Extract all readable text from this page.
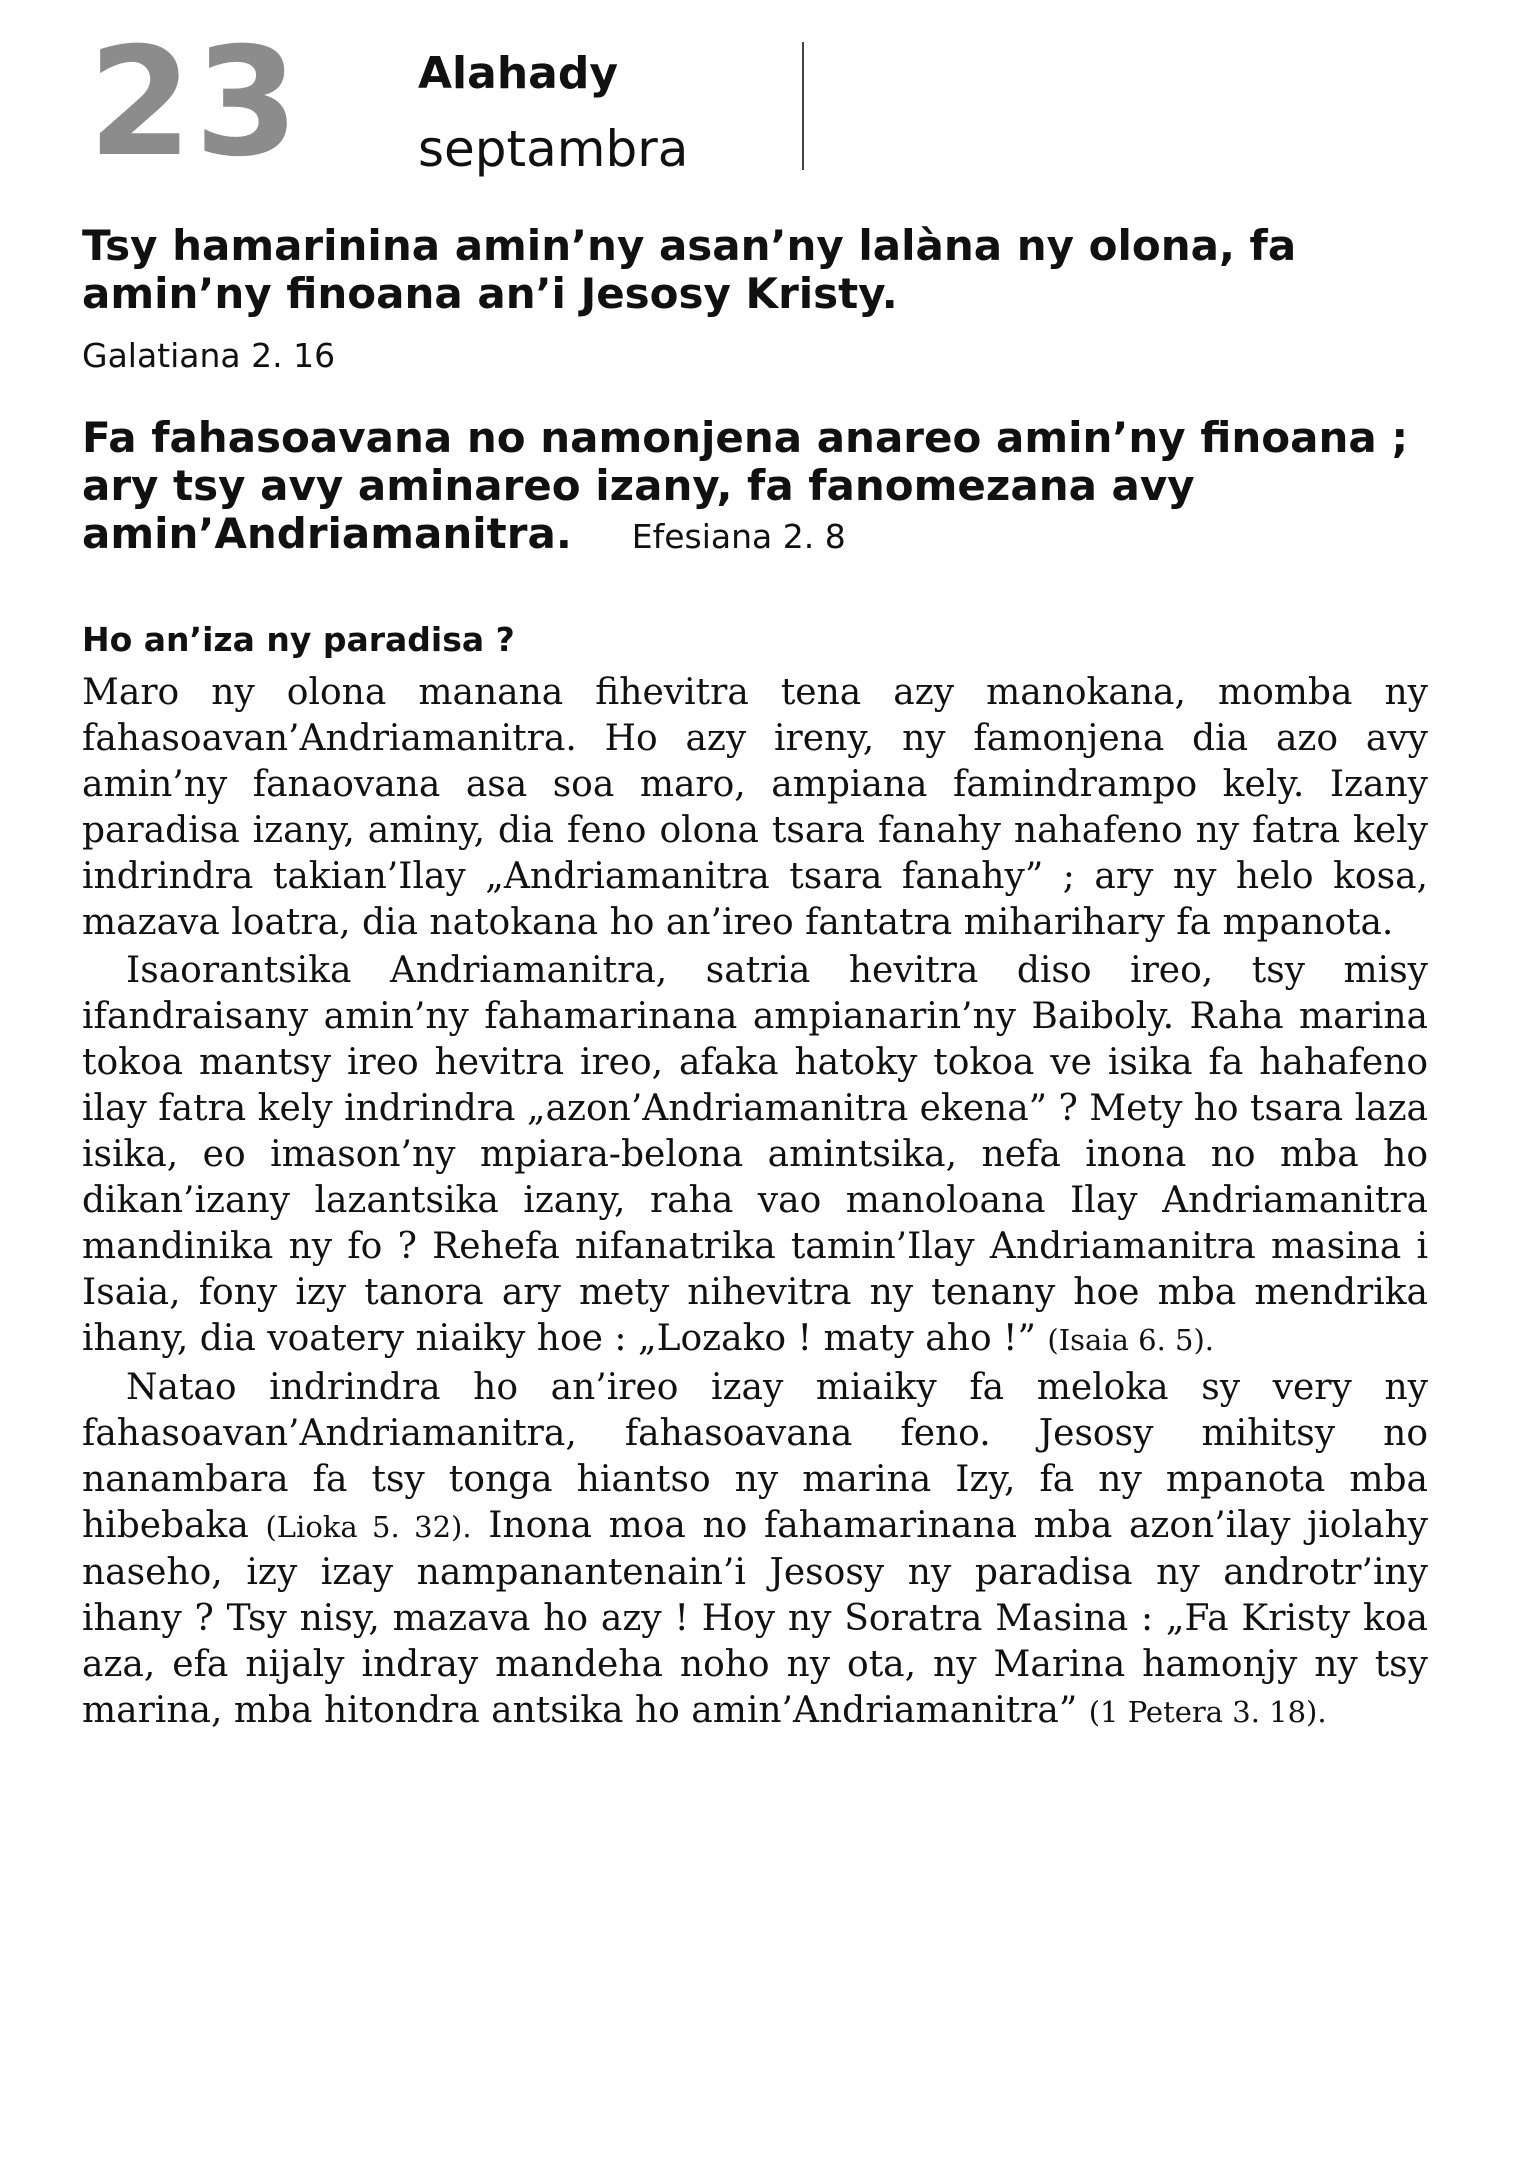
23	Alahady
septambra
Tsy hamarinina amin’ny asan’ny lalàna ny olona, fa amin’ny finoana an’i Jesosy Kristy.
Galatiana 2. 16
Fa fahasoavana no namonjena anareo amin’ny finoana ; ary tsy avy aminareo izany, fa fanomezana avy amin’Andriamanitra. Efesiana 2. 8
Ho an’iza ny paradisa ?

Maro ny olona manana fihevitra tena azy manokana, momba ny fahasoavan’Andriamanitra. Ho azy ireny, ny famonjena dia azo avy amin’ny fanaovana asa soa maro, ampiana famindrampo kely. Izany paradisa izany, aminy, dia feno olona tsara fanahy nahafeno ny fatra kely indrindra takian’Ilay „Andriamanitra tsara fanahy” ; ary ny helo kosa, mazava loatra, dia natokana ho an’ireo fantatra miharihary fa mpanota.

Isaorantsika Andriamanitra, satria hevitra diso ireo, tsy misy ifandraisany amin’ny fahamarinana ampianarin’ny Baiboly. Raha marina tokoa mantsy ireo hevitra ireo, afaka hatoky tokoa ve isika fa hahafeno ilay fatra kely indrindra „azon’Andriamanitra ekena” ? Mety ho tsara laza isika, eo imason’ny mpiara-belona amintsika, nefa inona no mba ho dikan’izany lazantsika izany, raha vao manoloana Ilay Andriamanitra mandinika ny fo ? Rehefa nifanatrika tamin’Ilay Andriamanitra masina i Isaia, fony izy tanora ary mety nihevitra ny tenany hoe mba mendrika ihany, dia voatery niaiky hoe : „Lozako ! maty aho !” (Isaia 6. 5).

Natao indrindra ho an’ireo izay miaiky fa meloka sy very ny fahasoavan’Andriamanitra, fahasoavana feno. Jesosy mihitsy no nanambara fa tsy tonga hiantso ny marina Izy, fa ny mpanota mba hibebaka (Lioka 5. 32). Inona moa no fahamarinana mba azon’ilay jiolahy naseho, izy izay nampanantenain’i Jesosy ny paradisa ny androtr’iny ihany ? Tsy nisy, mazava ho azy ! Hoy ny Soratra Masina : „Fa Kristy koa aza, efa nijaly indray mandeha noho ny ota, ny Marina hamonjy ny tsy marina, mba hitondra antsika ho amin’Andriamanitra” (1 Petera 3. 18).
